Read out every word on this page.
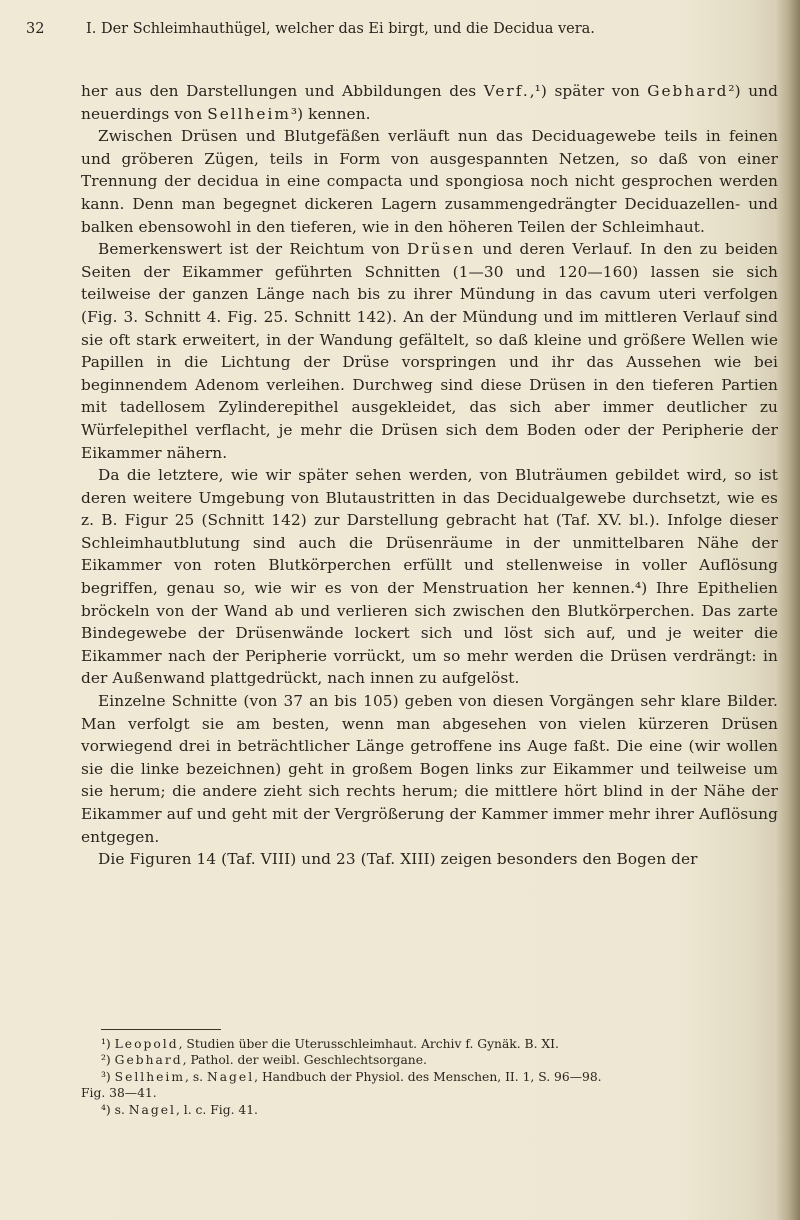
32	I. Der Schleimhauthügel, welcher das Ei birgt, und die Decidua vera.

her aus den Darstellungen und Abbildungen des Verf.,¹) später von Gebhard²) und neuerdings von Sellheim³) kennen.

Zwischen Drüsen und Blutgefäßen verläuft nun das Deciduagewebe teils in feinen und gröberen Zügen, teils in Form von ausgespannten Netzen, so daß von einer Trennung der decidua in eine compacta und spongiosa noch nicht gesprochen werden kann. Denn man begegnet dickeren Lagern zusammengedrängter Deciduazellen- und balken ebensowohl in den tieferen, wie in den höheren Teilen der Schleimhaut.

Bemerkenswert ist der Reichtum von Drüsen und deren Verlauf. In den zu beiden Seiten der Eikammer geführten Schnitten (1—30 und 120—160) lassen sie sich teilweise der ganzen Länge nach bis zu ihrer Mündung in das cavum uteri verfolgen (Fig. 3. Schnitt 4. Fig. 25. Schnitt 142). An der Mündung und im mittleren Verlauf sind sie oft stark erweitert, in der Wandung gefältelt, so daß kleine und größere Wellen wie Papillen in die Lichtung der Drüse vorspringen und ihr das Aussehen wie bei beginnendem Adenom verleihen. Durchweg sind diese Drüsen in den tieferen Partien mit tadellosem Zylinderepithel ausgekleidet, das sich aber immer deutlicher zu Würfelepithel verflacht, je mehr die Drüsen sich dem Boden oder der Peripherie der Eikammer nähern.

Da die letztere, wie wir später sehen werden, von Bluträumen gebildet wird, so ist deren weitere Umgebung von Blutaustritten in das Decidualgewebe durchsetzt, wie es z. B. Figur 25 (Schnitt 142) zur Darstellung gebracht hat (Taf. XV. bl.). Infolge dieser Schleimhautblutung sind auch die Drüsenräume in der unmittelbaren Nähe der Eikammer von roten Blutkörperchen erfüllt und stellenweise in voller Auflösung begriffen, genau so, wie wir es von der Menstruation her kennen.⁴) Ihre Epithelien bröckeln von der Wand ab und verlieren sich zwischen den Blutkörperchen. Das zarte Bindegewebe der Drüsenwände lockert sich und löst sich auf, und je weiter die Eikammer nach der Peripherie vorrückt, um so mehr werden die Drüsen verdrängt: in der Außenwand plattgedrückt, nach innen zu aufgelöst.

Einzelne Schnitte (von 37 an bis 105) geben von diesen Vorgängen sehr klare Bilder. Man verfolgt sie am besten, wenn man abgesehen von vielen kürzeren Drüsen vorwiegend drei in beträchtlicher Länge getroffene ins Auge faßt. Die eine (wir wollen sie die linke bezeichnen) geht in großem Bogen links zur Eikammer und teilweise um sie herum; die andere zieht sich rechts herum; die mittlere hört blind in der Nähe der Eikammer auf und geht mit der Vergrößerung der Kammer immer mehr ihrer Auflösung entgegen.

Die Figuren 14 (Taf. VIII) und 23 (Taf. XIII) zeigen besonders den Bogen der

¹) Leopold, Studien über die Uterusschleimhaut. Archiv f. Gynäk. B. XI.
²) Gebhard, Pathol. der weibl. Geschlechtsorgane.
³) Sellheim, s. Nagel, Handbuch der Physiol. des Menschen, II. 1, S. 96—98.
Fig. 38—41.
⁴) s. Nagel, l. c. Fig. 41.
